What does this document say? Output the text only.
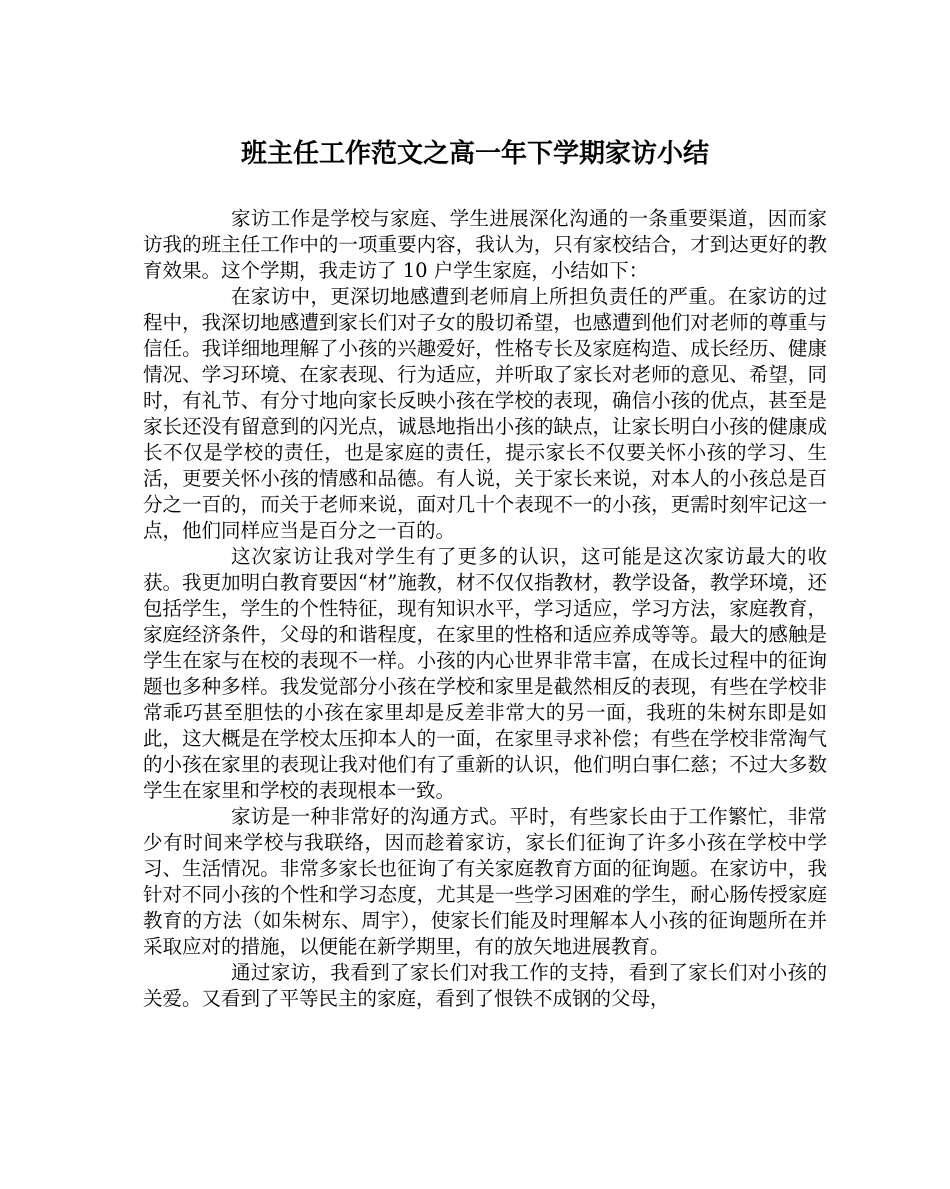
班主任工作范文之高一年下学期家访小结

家访工作是学校与家庭、学生进展深化沟通的一条重要渠道，因而家访我的班主任工作中的一项重要内容，我认为，只有家校结合，才到达更好的教育效果。这个学期，我走访了 10 户学生家庭，小结如下：

在家访中，更深切地感遭到老师肩上所担负责任的严重。在家访的过程中，我深切地感遭到家长们对子女的殷切希望，也感遭到他们对老师的尊重与信任。我详细地理解了小孩的兴趣爱好，性格专长及家庭构造、成长经历、健康情况、学习环境、在家表现、行为适应，并听取了家长对老师的意见、希望，同时，有礼节、有分寸地向家长反映小孩在学校的表现，确信小孩的优点，甚至是家长还没有留意到的闪光点，诚恳地指出小孩的缺点，让家长明白小孩的健康成长不仅是学校的责任，也是家庭的责任，提示家长不仅要关怀小孩的学习、生活，更要关怀小孩的情感和品德。有人说，关于家长来说，对本人的小孩总是百分之一百的，而关于老师来说，面对几十个表现不一的小孩，更需时刻牢记这一点，他们同样应当是百分之一百的。

这次家访让我对学生有了更多的认识，这可能是这次家访最大的收获。我更加明白教育要因“材”施教，材不仅仅指教材，教学设备，教学环境，还包括学生，学生的个性特征，现有知识水平，学习适应，学习方法，家庭教育，家庭经济条件，父母的和谐程度，在家里的性格和适应养成等等。最大的感触是学生在家与在校的表现不一样。小孩的内心世界非常丰富，在成长过程中的征询题也多种多样。我发觉部分小孩在学校和家里是截然相反的表现，有些在学校非常乖巧甚至胆怯的小孩在家里却是反差非常大的另一面，我班的朱树东即是如此，这大概是在学校太压抑本人的一面，在家里寻求补偿；有些在学校非常淘气的小孩在家里的表现让我对他们有了重新的认识，他们明白事仁慈；不过大多数学生在家里和学校的表现根本一致。

家访是一种非常好的沟通方式。平时，有些家长由于工作繁忙，非常少有时间来学校与我联络，因而趁着家访，家长们征询了许多小孩在学校中学习、生活情况。非常多家长也征询了有关家庭教育方面的征询题。在家访中，我针对不同小孩的个性和学习态度，尤其是一些学习困难的学生，耐心肠传授家庭教育的方法（如朱树东、周宇），使家长们能及时理解本人小孩的征询题所在并采取应对的措施，以便能在新学期里，有的放矢地进展教育。

通过家访，我看到了家长们对我工作的支持，看到了家长们对小孩的关爱。又看到了平等民主的家庭，看到了恨铁不成钢的父母，
